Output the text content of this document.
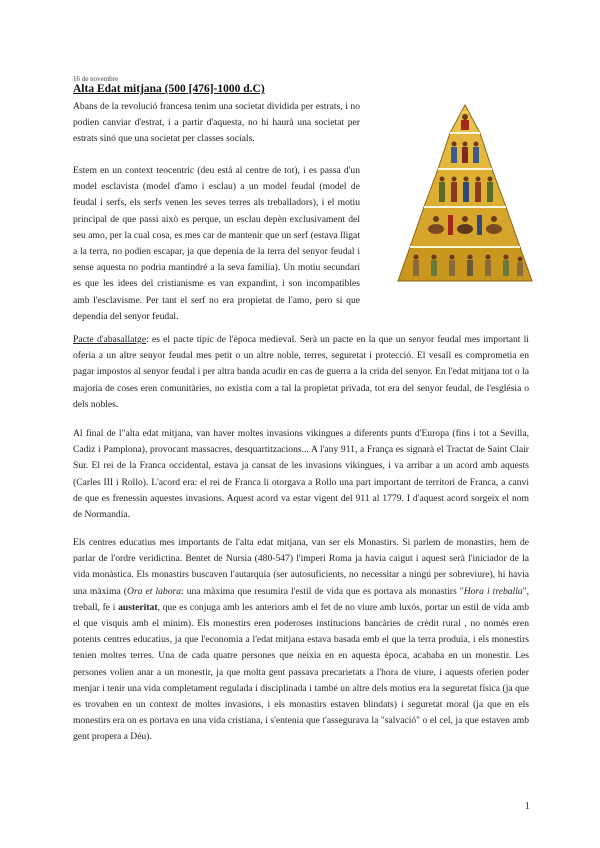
16 de novembre
Alta Edat mitjana (500 [476]-1000 d.C)

Abans de la revolució francesa tenim una societat dividida per estrats, i no podien canviar d'estrat, i a partir d'aquesta, no hi haurà una societat per estrats sinó que una societat per classes socials.

Estem en un context teocentric (deu está al centre de tot), i es passa d'un model esclavista (model d'amo i esclau) a un model feudal (model de feudal i serfs, els serfs venen les seves terres als treballadors), i el motiu principal de que passi això es perque, un esclau depèn exclusivament del seu amo, per la cual cosa, es mes car de mantenir que un serf (estava lligat a la terra, no podien escapar, ja que depenia de la terra del senyor feudal i sense aquesta no podria mantindré a la seva familia). Un motiu secundari es que les idees del cristianisme es van expandint, i son incompatibles amb l'esclavisme. Per tant el serf no era propietat de l'amo, pero si que dependía del senyor feudal.

Pacte d'abasallatge: es el pacte típic de l'època medieval. Serà un pacte en la que un senyor feudal mes important li oferia a un altre senyor feudal mes petit o un altre noble, terres, seguretat i protecció. El vesall es comprometia en pagar impostos al senyor feudal i per altra banda acudir en cas de guerra a la crida del senyor. En l'edat mitjana tot o la majoria de coses eren comunitàries, no existia com a tal la propietat privada, tot era del senyor feudal, de l'església o dels nobles.

Al final de l"alta edat mitjana, van haver moltes invasions vikingues a diferents punts d'Europa (fins i tot a Sevilla, Cadiz i Pamplona), provocant massacres, desquartitzacions... A l'any 911, a França es signarà el Tractat de Saint Clair Sur. El rei de la Franca occidental, estava ja cansat de les invasions vikingues, i va arribar a un acord amb aquests (Carles III i Rollo). L'acord era: el rei de Franca li otorgava a Rollo una part important de territori de Franca, a canvi de que es frenessin aquestes invasions. Aquest acord va estar vigent del 911 al 1779. I d'aquest acord sorgeix el nom de Normandía.

Els centres educatius mes importants de l'alta edat mitjana, van ser els Monastirs. Si parlem de monastirs, hem de parlar de l'ordre veridictina. Bentet de Nursia (480-547) l'imperi Roma ja havia caigut i aquest serà l'iniciador de la vida monàstica. Els monastirs buscaven l'autarquia (ser autosuficients, no necessitar a ningú per sobreviure), hi havia una màxima (Ora et labora: una màxima que resumira l'estil de vida que es portava als monastirs "Hora i treballa", treball, fe i austeritat, que es conjuga amb les anteriors amb el fet de no viure amb luxós, portar un estil de vida amb el que visquis amb el mínim). Els monestirs eren poderoses institucions bancàries de crèdit rural , no només eren potents centres educatius, ja que l'economia a l'edat mitjana estava basada emb el que la terra produïa, i els monestirs tenien moltes terres. Una de cada quatre persones que neixia en en aquesta època, acababa en un monestir. Les persones volien anar a un monestir, ja que molta gent passava precarietats a l'hora de viure, i aquests oferien poder menjar i tenir una vida completament regulada i disciplinada i també un altre dels motius era la seguretat física (ja que es trovaben en un context de moltes invasions, i els monastirs estaven blindats) i seguretat moral (ja que en els monestirs era on es portava en una vida cristiana, i s'entenia que t'assegurava la "salvació" o el cel, ja que estaven amb gent propera a Déu).

1
